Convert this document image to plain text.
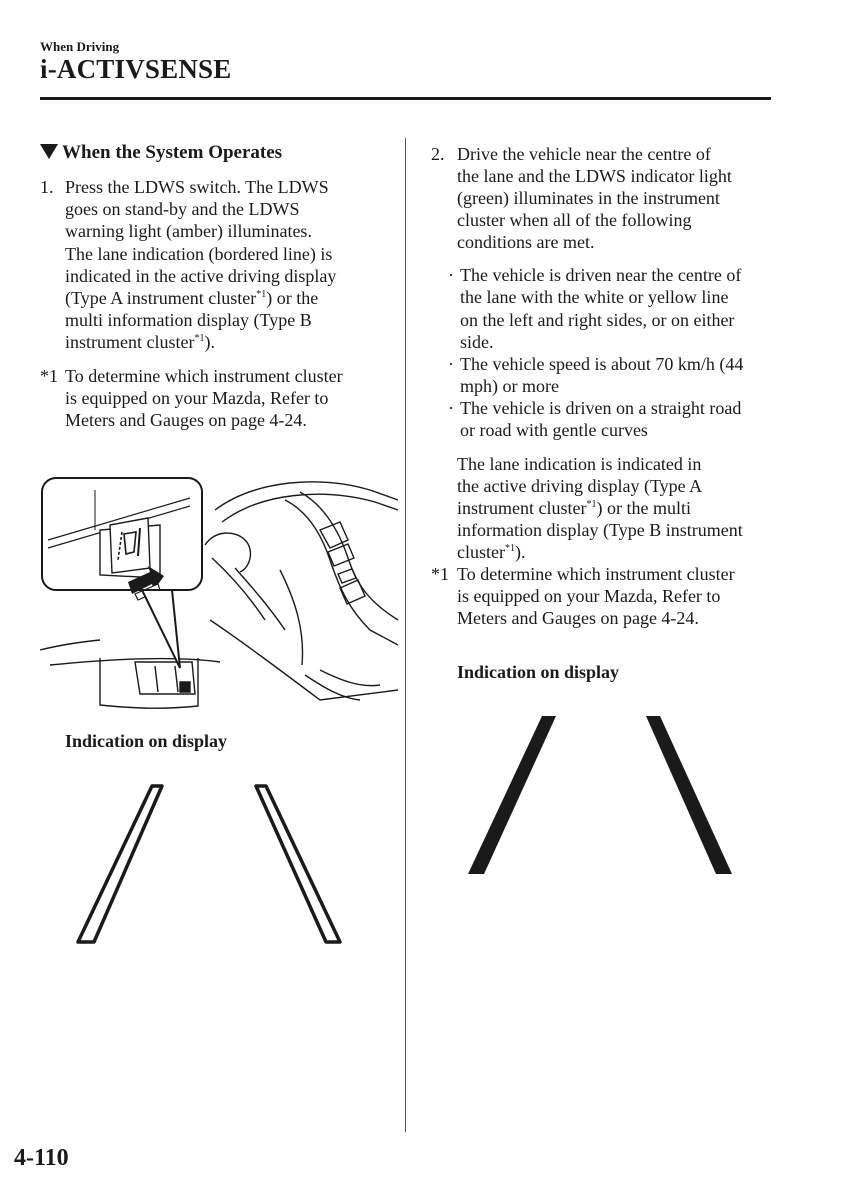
When Driving
i-ACTIVSENSE
When the System Operates
1. Press the LDWS switch. The LDWS
goes on stand-by and the LDWS
warning light (amber) illuminates.
The lane indication (bordered line) is
indicated in the active driving display
(Type A instrument cluster$^{*1}$) or the
multi information display (Type B
instrument cluster$^{*1}$).
*1 To determine which instrument cluster
is equipped on your Mazda, Refer to
Meters and Gauges on page 4-24.
Indication on display
2. Drive the vehicle near the centre of
the lane and the LDWS indicator light
(green) illuminates in the instrument
cluster when all of the following
conditions are met.
· The vehicle is driven near the centre of
the lane with the white or yellow line
on the left and right sides, or on either
side.
· The vehicle speed is about 70 km/h (44
mph) or more
· The vehicle is driven on a straight road
or road with gentle curves
The lane indication is indicated in
the active driving display (Type A
instrument cluster$^{*1}$) or the multi
information display (Type B instrument
cluster$^{*1}$).
*1 To determine which instrument cluster
is equipped on your Mazda, Refer to
Meters and Gauges on page 4-24.
Indication on display
4-110
